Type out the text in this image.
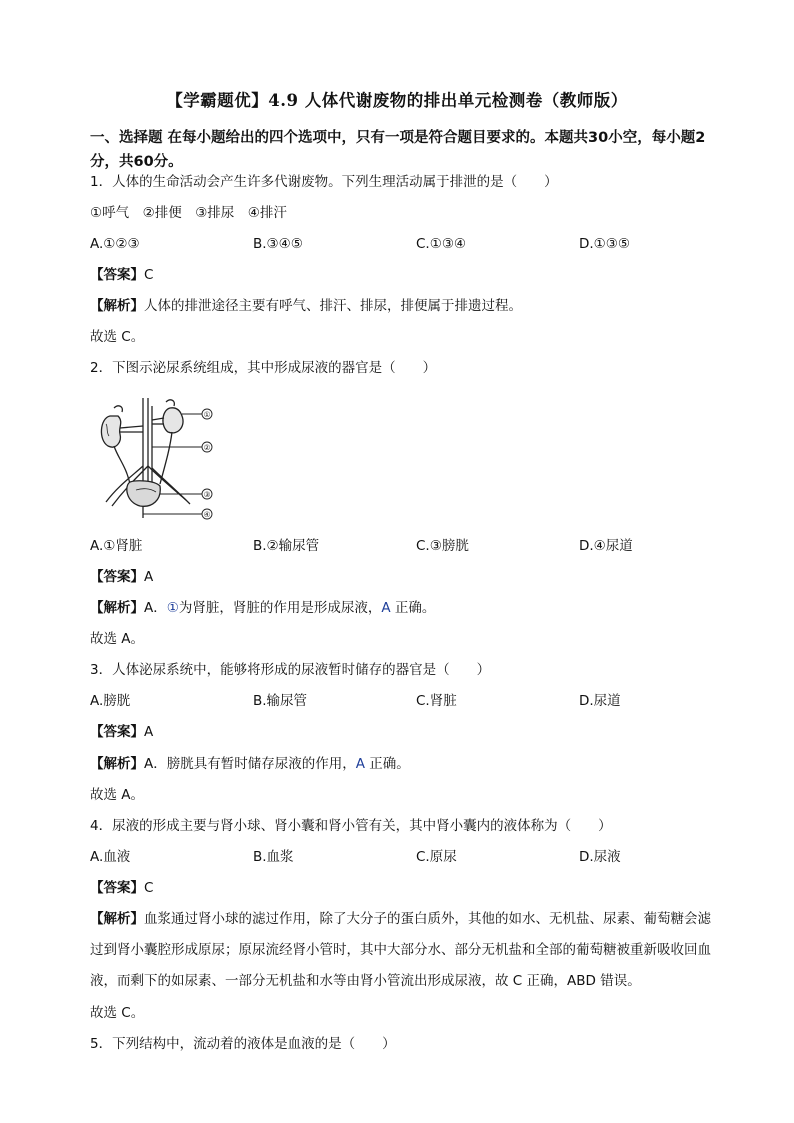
【学霸题优】4.9 人体代谢废物的排出单元检测卷（教师版）
一、选择题 在每小题给出的四个选项中，只有一项是符合题目要求的。本题共30小空，每小题2分，共60分。
1．人体的生命活动会产生许多代谢废物。下列生理活动属于排泄的是（　　）
①呼气　②排便　③排尿　④排汗
A.①②③	B.③④⑤	C.①③④	D.①③⑤
【答案】C
【解析】人体的排泄途径主要有呼气、排汗、排尿，排便属于排遗过程。
故选 C。
2．下图示泌尿系统组成，其中形成尿液的器官是（　　）
①
②
③
④
A.①肾脏	B.②输尿管	C.③膀胱	D.④尿道
【答案】A
【解析】A．①为肾脏，肾脏的作用是形成尿液，A 正确。
故选 A。
3．人体泌尿系统中，能够将形成的尿液暂时储存的器官是（　　）
A.膀胱	B.输尿管	C.肾脏	D.尿道
【答案】A
【解析】A．膀胱具有暂时储存尿液的作用，A 正确。
故选 A。
4．尿液的形成主要与肾小球、肾小囊和肾小管有关，其中肾小囊内的液体称为（　　）
A.血液	B.血浆	C.原尿	D.尿液
【答案】C
【解析】血浆通过肾小球的滤过作用，除了大分子的蛋白质外，其他的如水、无机盐、尿素、葡萄糖会滤过到肾小囊腔形成原尿；原尿流经肾小管时，其中大部分水、部分无机盐和全部的葡萄糖被重新吸收回血液，而剩下的如尿素、一部分无机盐和水等由肾小管流出形成尿液，故 C 正确，ABD 错误。
故选 C。
5．下列结构中，流动着的液体是血液的是（　　）
